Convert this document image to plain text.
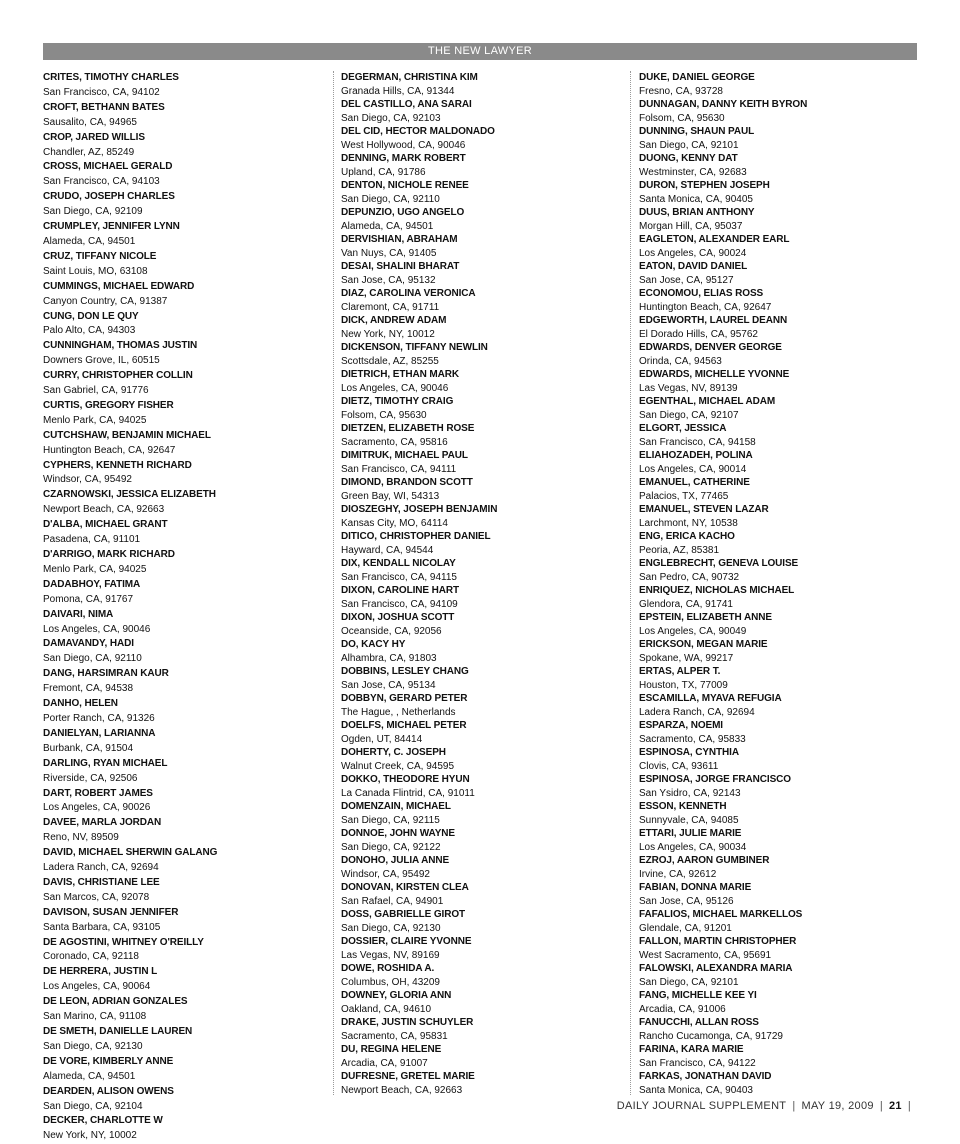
THE NEW LAWYER
CRITES, TIMOTHY CHARLES
San Francisco, CA, 94102
CROFT, BETHANN BATES
Sausalito, CA, 94965
CROP, JARED WILLIS
Chandler, AZ, 85249
CROSS, MICHAEL GERALD
San Francisco, CA, 94103
CRUDO, JOSEPH CHARLES
San Diego, CA, 92109
CRUMPLEY, JENNIFER LYNN
Alameda, CA, 94501
CRUZ, TIFFANY NICOLE
Saint Louis, MO, 63108
CUMMINGS, MICHAEL EDWARD
Canyon Country, CA, 91387
CUNG, DON LE QUY
Palo Alto, CA, 94303
CUNNINGHAM, THOMAS JUSTIN
Downers Grove, IL, 60515
CURRY, CHRISTOPHER COLLIN
San Gabriel, CA, 91776
CURTIS, GREGORY FISHER
Menlo Park, CA, 94025
CUTCHSHAW, BENJAMIN MICHAEL
Huntington Beach, CA, 92647
CYPHERS, KENNETH RICHARD
Windsor, CA, 95492
CZARNOWSKI, JESSICA ELIZABETH
Newport Beach, CA, 92663
D'ALBA, MICHAEL GRANT
Pasadena, CA, 91101
D'ARRIGO, MARK RICHARD
Menlo Park, CA, 94025
DADABHOY, FATIMA
Pomona, CA, 91767
DAIVARI, NIMA
Los Angeles, CA, 90046
DAMAVANDY, HADI
San Diego, CA, 92110
DANG, HARSIMRAN KAUR
Fremont, CA, 94538
DANHO, HELEN
Porter Ranch, CA, 91326
DANIELYAN, LARIANNA
Burbank, CA, 91504
DARLING, RYAN MICHAEL
Riverside, CA, 92506
DART, ROBERT JAMES
Los Angeles, CA, 90026
DAVEE, MARLA JORDAN
Reno, NV, 89509
DAVID, MICHAEL SHERWIN GALANG
Ladera Ranch, CA, 92694
DAVIS, CHRISTIANE LEE
San Marcos, CA, 92078
DAVISON, SUSAN JENNIFER
Santa Barbara, CA, 93105
DE AGOSTINI, WHITNEY O'REILLY
Coronado, CA, 92118
DE HERRERA, JUSTIN L
Los Angeles, CA, 90064
DE LEON, ADRIAN GONZALES
San Marino, CA, 91108
DE SMETH, DANIELLE LAUREN
San Diego, CA, 92130
DE VORE, KIMBERLY ANNE
Alameda, CA, 94501
DEARDEN, ALISON OWENS
San Diego, CA, 92104
DECKER, CHARLOTTE W
New York, NY, 10002
DEGERMAN, CHRISTINA KIM
Granada Hills, CA, 91344
DEL CASTILLO, ANA SARAI
San Diego, CA, 92103
DEL CID, HECTOR MALDONADO
West Hollywood, CA, 90046
DENNING, MARK ROBERT
Upland, CA, 91786
DENTON, NICHOLE RENEE
San Diego, CA, 92110
DEPUNZIO, UGO ANGELO
Alameda, CA, 94501
DERVISHIAN, ABRAHAM
Van Nuys, CA, 91405
DESAI, SHALINI BHARAT
San Jose, CA, 95132
DIAZ, CAROLINA VERONICA
Claremont, CA, 91711
DICK, ANDREW ADAM
New York, NY, 10012
DICKENSON, TIFFANY NEWLIN
Scottsdale, AZ, 85255
DIETRICH, ETHAN MARK
Los Angeles, CA, 90046
DIETZ, TIMOTHY CRAIG
Folsom, CA, 95630
DIETZEN, ELIZABETH ROSE
Sacramento, CA, 95816
DIMITRUK, MICHAEL PAUL
San Francisco, CA, 94111
DIMOND, BRANDON SCOTT
Green Bay, WI, 54313
DIOSZEGHY, JOSEPH BENJAMIN
Kansas City, MO, 64114
DITICO, CHRISTOPHER DANIEL
Hayward, CA, 94544
DIX, KENDALL NICOLAY
San Francisco, CA, 94115
DIXON, CAROLINE HART
San Francisco, CA, 94109
DIXON, JOSHUA SCOTT
Oceanside, CA, 92056
DO, KACY HY
Alhambra, CA, 91803
DOBBINS, LESLEY CHANG
San Jose, CA, 95134
DOBBYN, GERARD PETER
The Hague, , Netherlands
DOELFS, MICHAEL PETER
Ogden, UT, 84414
DOHERTY, C. JOSEPH
Walnut Creek, CA, 94595
DOKKO, THEODORE HYUN
La Canada Flintrid, CA, 91011
DOMENZAIN, MICHAEL
San Diego, CA, 92115
DONNOE, JOHN WAYNE
San Diego, CA, 92122
DONOHO, JULIA ANNE
Windsor, CA, 95492
DONOVAN, KIRSTEN CLEA
San Rafael, CA, 94901
DOSS, GABRIELLE GIROT
San Diego, CA, 92130
DOSSIER, CLAIRE YVONNE
Las Vegas, NV, 89169
DOWE, ROSHIDA A.
Columbus, OH, 43209
DOWNEY, GLORIA ANN
Oakland, CA, 94610
DRAKE, JUSTIN SCHUYLER
Sacramento, CA, 95831
DU, REGINA HELENE
Arcadia, CA, 91007
DUFRESNE, GRETEL MARIE
Newport Beach, CA, 92663
DUKE, DANIEL GEORGE
Fresno, CA, 93728
DUNNAGAN, DANNY KEITH BYRON
Folsom, CA, 95630
DUNNING, SHAUN PAUL
San Diego, CA, 92101
DUONG, KENNY DAT
Westminster, CA, 92683
DURON, STEPHEN JOSEPH
Santa Monica, CA, 90405
DUUS, BRIAN ANTHONY
Morgan Hill, CA, 95037
EAGLETON, ALEXANDER EARL
Los Angeles, CA, 90024
EATON, DAVID DANIEL
San Jose, CA, 95127
ECONOMOU, ELIAS ROSS
Huntington Beach, CA, 92647
EDGEWORTH, LAUREL DEANN
El Dorado Hills, CA, 95762
EDWARDS, DENVER GEORGE
Orinda, CA, 94563
EDWARDS, MICHELLE YVONNE
Las Vegas, NV, 89139
EGENTHAL, MICHAEL ADAM
San Diego, CA, 92107
ELGORT, JESSICA
San Francisco, CA, 94158
ELIAHOZADEH, POLINA
Los Angeles, CA, 90014
EMANUEL, CATHERINE
Palacios, TX, 77465
EMANUEL, STEVEN LAZAR
Larchmont, NY, 10538
ENG, ERICA KACHO
Peoria, AZ, 85381
ENGLEBRECHT, GENEVA LOUISE
San Pedro, CA, 90732
ENRIQUEZ, NICHOLAS MICHAEL
Glendora, CA, 91741
EPSTEIN, ELIZABETH ANNE
Los Angeles, CA, 90049
ERICKSON, MEGAN MARIE
Spokane, WA, 99217
ERTAS, ALPER T.
Houston, TX, 77009
ESCAMILLA, MYAVA REFUGIA
Ladera Ranch, CA, 92694
ESPARZA, NOEMI
Sacramento, CA, 95833
ESPINOSA, CYNTHIA
Clovis, CA, 93611
ESPINOSA, JORGE FRANCISCO
San Ysidro, CA, 92143
ESSON, KENNETH
Sunnyvale, CA, 94085
ETTARI, JULIE MARIE
Los Angeles, CA, 90034
EZROJ, AARON GUMBINER
Irvine, CA, 92612
FABIAN, DONNA MARIE
San Jose, CA, 95126
FAFALIOS, MICHAEL MARKELLOS
Glendale, CA, 91201
FALLON, MARTIN CHRISTOPHER
West Sacramento, CA, 95691
FALOWSKI, ALEXANDRA MARIA
San Diego, CA, 92101
FANG, MICHELLE KEE YI
Arcadia, CA, 91006
FANUCCHI, ALLAN ROSS
Rancho Cucamonga, CA, 91729
FARINA, KARA MARIE
San Francisco, CA, 94122
FARKAS, JONATHAN DAVID
Santa Monica, CA, 90403
DAILY JOURNAL SUPPLEMENT | MAY 19, 2009 | 21 |
